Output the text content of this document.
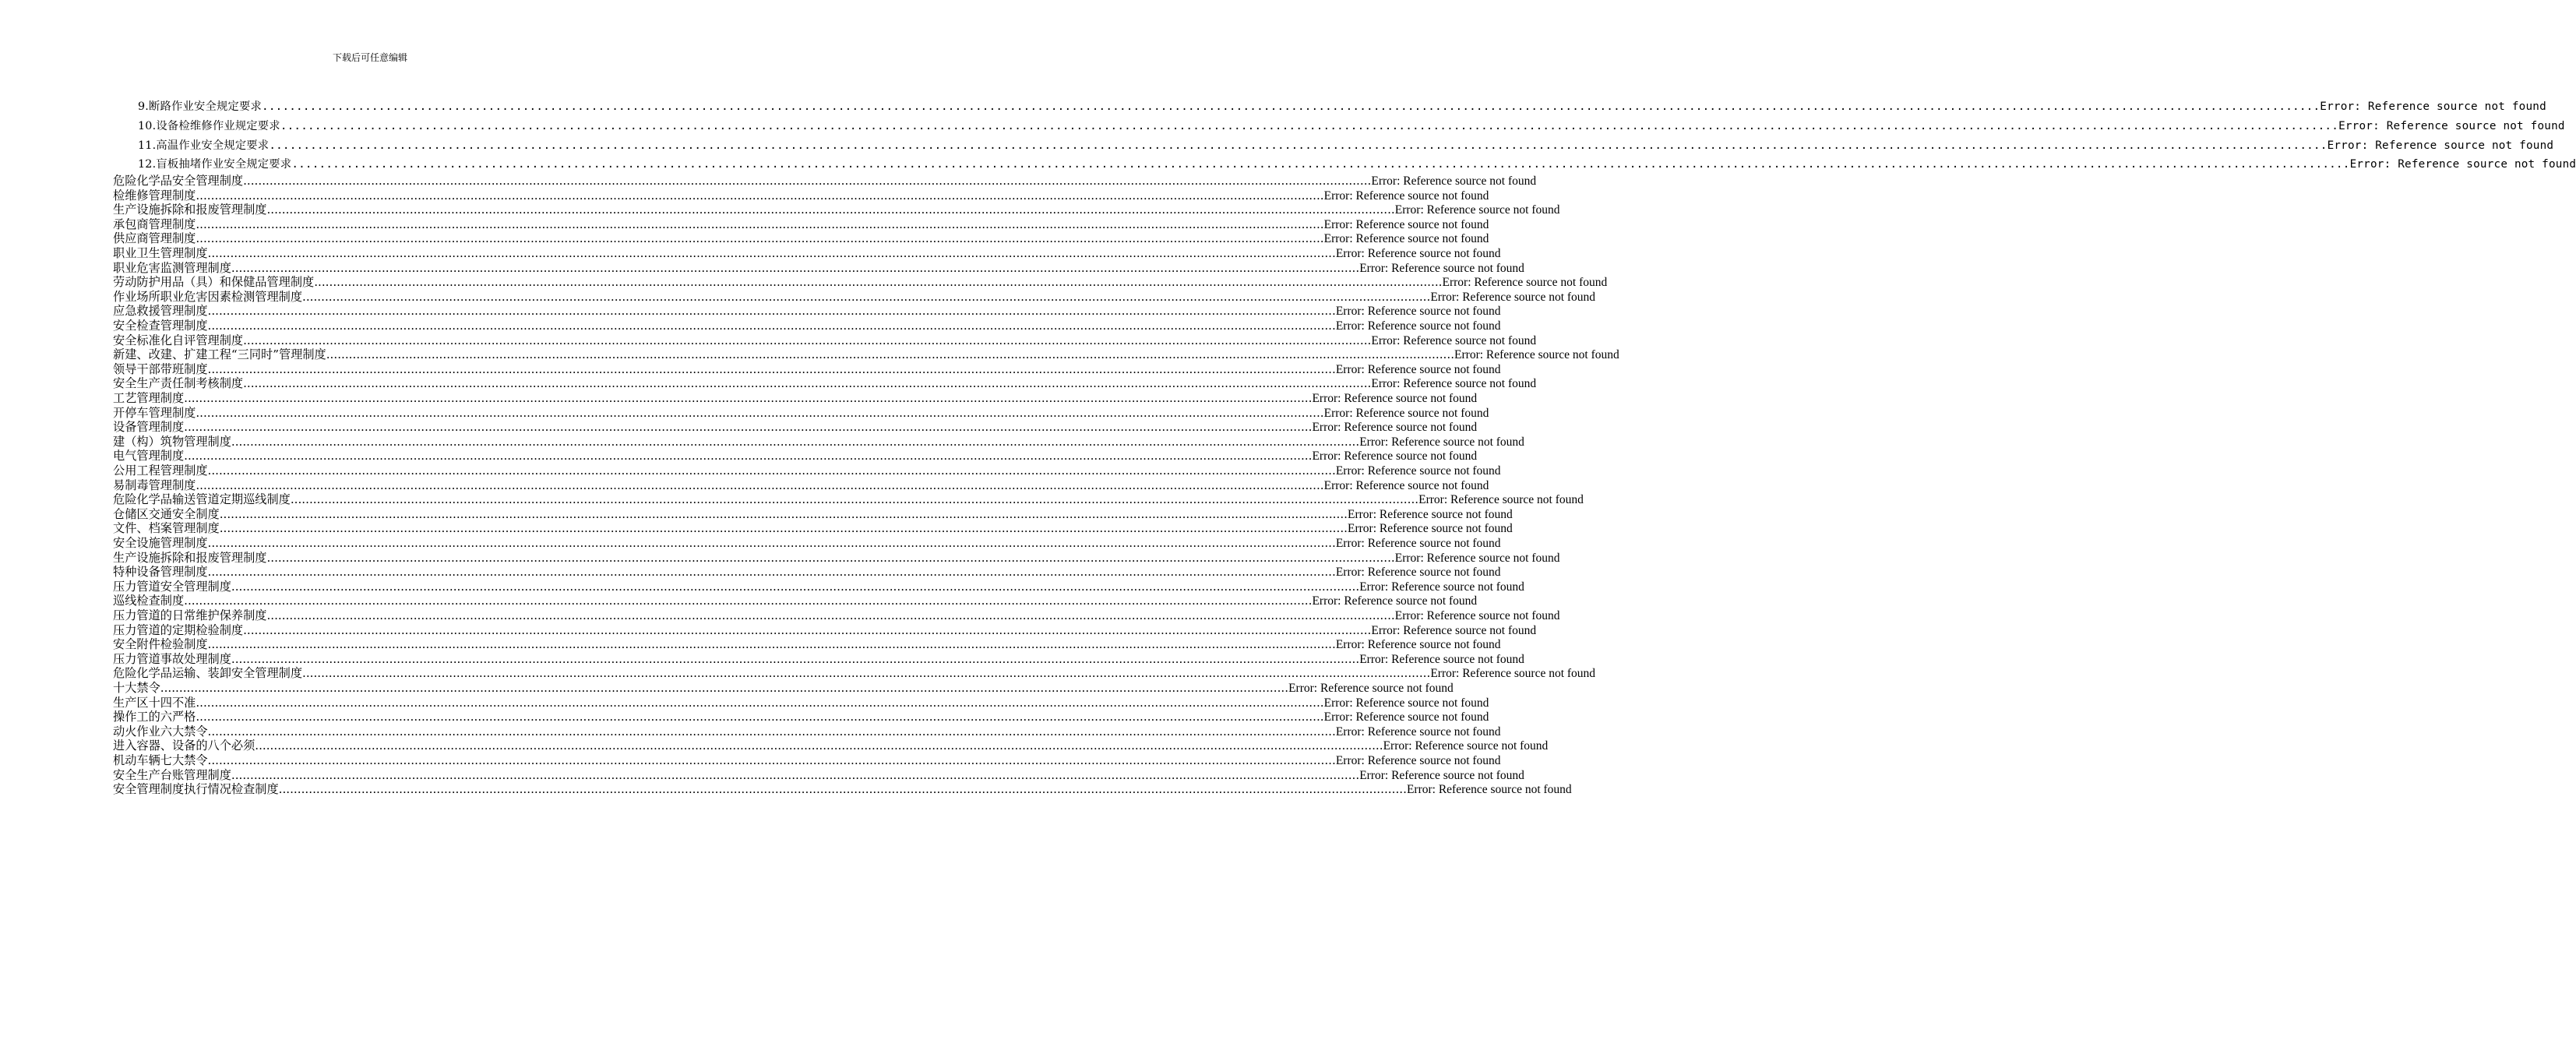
下载后可任意编辑
9.断路作业安全规定要求 ............................................................................................................................................................................................................................................................................................................ Error: Reference source not found
10.设备检维修作业规定要求 ............................................................................................................................................................................................................................................................................................................ Error: Reference source not found
11.高温作业安全规定要求 ............................................................................................................................................................................................................................................................................................................ Error: Reference source not found
12.盲板抽堵作业安全规定要求 ............................................................................................................................................................................................................................................................................................................ Error: Reference source not found
危险化学品安全管理制度 ............................................................................................................................................................................................................................................................................................................ Error: Reference source not found
检维修管理制度 ............................................................................................................................................................................................................................................................................................................ Error: Reference source not found
生产设施拆除和报废管理制度 ............................................................................................................................................................................................................................................................................................................ Error: Reference source not found
承包商管理制度 ............................................................................................................................................................................................................................................................................................................ Error: Reference source not found
供应商管理制度 ............................................................................................................................................................................................................................................................................................................ Error: Reference source not found
职业卫生管理制度 ............................................................................................................................................................................................................................................................................................................ Error: Reference source not found
职业危害监测管理制度 ............................................................................................................................................................................................................................................................................................................ Error: Reference source not found
劳动防护用品（具）和保健品管理制度 ............................................................................................................................................................................................................................................................................................................ Error: Reference source not found
作业场所职业危害因素检测管理制度 ............................................................................................................................................................................................................................................................................................................ Error: Reference source not found
应急救援管理制度 ............................................................................................................................................................................................................................................................................................................ Error: Reference source not found
安全检查管理制度 ............................................................................................................................................................................................................................................................................................................ Error: Reference source not found
安全标准化自评管理制度 ............................................................................................................................................................................................................................................................................................................ Error: Reference source not found
新建、改建、扩建工程“三同时”管理制度 ............................................................................................................................................................................................................................................................................................................ Error: Reference source not found
领导干部带班制度 ............................................................................................................................................................................................................................................................................................................ Error: Reference source not found
安全生产责任制考核制度 ............................................................................................................................................................................................................................................................................................................ Error: Reference source not found
工艺管理制度 ............................................................................................................................................................................................................................................................................................................ Error: Reference source not found
开停车管理制度 ............................................................................................................................................................................................................................................................................................................ Error: Reference source not found
设备管理制度 ............................................................................................................................................................................................................................................................................................................ Error: Reference source not found
建（构）筑物管理制度 ............................................................................................................................................................................................................................................................................................................ Error: Reference source not found
电气管理制度 ............................................................................................................................................................................................................................................................................................................ Error: Reference source not found
公用工程管理制度 ............................................................................................................................................................................................................................................................................................................ Error: Reference source not found
易制毒管理制度 ............................................................................................................................................................................................................................................................................................................ Error: Reference source not found
危险化学品输送管道定期巡线制度 ............................................................................................................................................................................................................................................................................................................ Error: Reference source not found
仓储区交通安全制度 ............................................................................................................................................................................................................................................................................................................ Error: Reference source not found
文件、档案管理制度 ............................................................................................................................................................................................................................................................................................................ Error: Reference source not found
安全设施管理制度 ............................................................................................................................................................................................................................................................................................................ Error: Reference source not found
生产设施拆除和报废管理制度 ............................................................................................................................................................................................................................................................................................................ Error: Reference source not found
特种设备管理制度 ............................................................................................................................................................................................................................................................................................................ Error: Reference source not found
压力管道安全管理制度 ............................................................................................................................................................................................................................................................................................................ Error: Reference source not found
巡线检查制度 ............................................................................................................................................................................................................................................................................................................ Error: Reference source not found
压力管道的日常维护保养制度 ............................................................................................................................................................................................................................................................................................................ Error: Reference source not found
压力管道的定期检验制度 ............................................................................................................................................................................................................................................................................................................ Error: Reference source not found
安全附件检验制度 ............................................................................................................................................................................................................................................................................................................ Error: Reference source not found
压力管道事故处理制度 ............................................................................................................................................................................................................................................................................................................ Error: Reference source not found
危险化学品运输、装卸安全管理制度 ............................................................................................................................................................................................................................................................................................................ Error: Reference source not found
十大禁令 ............................................................................................................................................................................................................................................................................................................ Error: Reference source not found
生产区十四不准 ............................................................................................................................................................................................................................................................................................................ Error: Reference source not found
操作工的六严格 ............................................................................................................................................................................................................................................................................................................ Error: Reference source not found
动火作业六大禁令 ............................................................................................................................................................................................................................................................................................................ Error: Reference source not found
进入容器、设备的八个必须 ............................................................................................................................................................................................................................................................................................................ Error: Reference source not found
机动车辆七大禁令 ............................................................................................................................................................................................................................................................................................................ Error: Reference source not found
安全生产台账管理制度 ............................................................................................................................................................................................................................................................................................................ Error: Reference source not found
安全管理制度执行情况检查制度 ............................................................................................................................................................................................................................................................................................................ Error: Reference source not found
